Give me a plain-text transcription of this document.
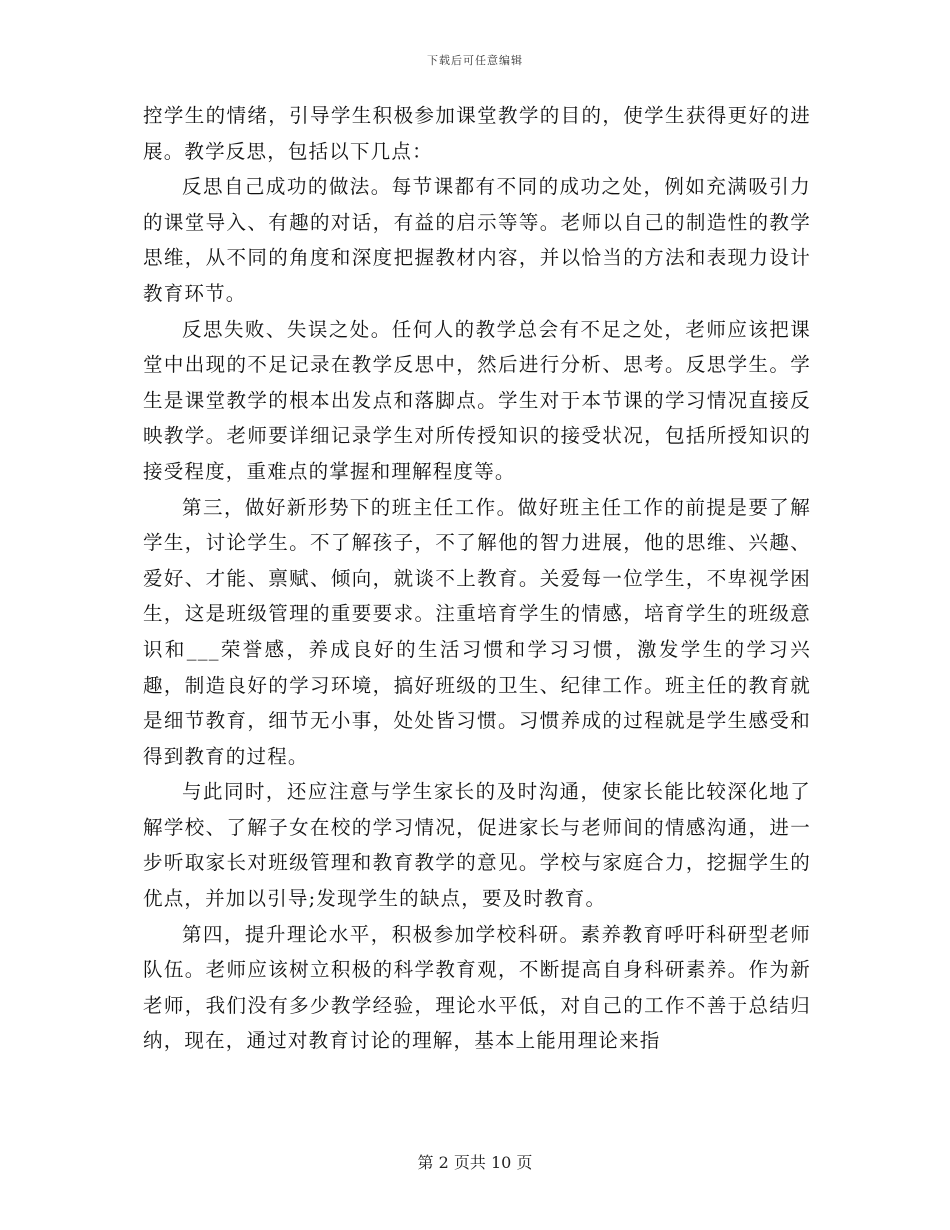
下载后可任意编辑

控学生的情绪，引导学生积极参加课堂教学的目的，使学生获得更好的进展。教学反思，包括以下几点：

反思自己成功的做法。每节课都有不同的成功之处，例如充满吸引力的课堂导入、有趣的对话，有益的启示等等。老师以自己的制造性的教学思维，从不同的角度和深度把握教材内容，并以恰当的方法和表现力设计教育环节。

反思失败、失误之处。任何人的教学总会有不足之处，老师应该把课堂中出现的不足记录在教学反思中，然后进行分析、思考。反思学生。学生是课堂教学的根本出发点和落脚点。学生对于本节课的学习情况直接反映教学。老师要详细记录学生对所传授知识的接受状况，包括所授知识的接受程度，重难点的掌握和理解程度等。

第三，做好新形势下的班主任工作。做好班主任工作的前提是要了解学生，讨论学生。不了解孩子，不了解他的智力进展，他的思维、兴趣、爱好、才能、禀赋、倾向，就谈不上教育。关爱每一位学生，不卑视学困生，这是班级管理的重要要求。注重培育学生的情感，培育学生的班级意识和___荣誉感，养成良好的生活习惯和学习习惯，激发学生的学习兴趣，制造良好的学习环境，搞好班级的卫生、纪律工作。班主任的教育就是细节教育，细节无小事，处处皆习惯。习惯养成的过程就是学生感受和得到教育的过程。

与此同时，还应注意与学生家长的及时沟通，使家长能比较深化地了解学校、了解子女在校的学习情况，促进家长与老师间的情感沟通，进一步听取家长对班级管理和教育教学的意见。学校与家庭合力，挖掘学生的优点，并加以引导;发现学生的缺点，要及时教育。

第四，提升理论水平，积极参加学校科研。素养教育呼吁科研型老师队伍。老师应该树立积极的科学教育观，不断提高自身科研素养。作为新老师，我们没有多少教学经验，理论水平低，对自己的工作不善于总结归纳，现在，通过对教育讨论的理解，基本上能用理论来指

第 2 页共 10 页
